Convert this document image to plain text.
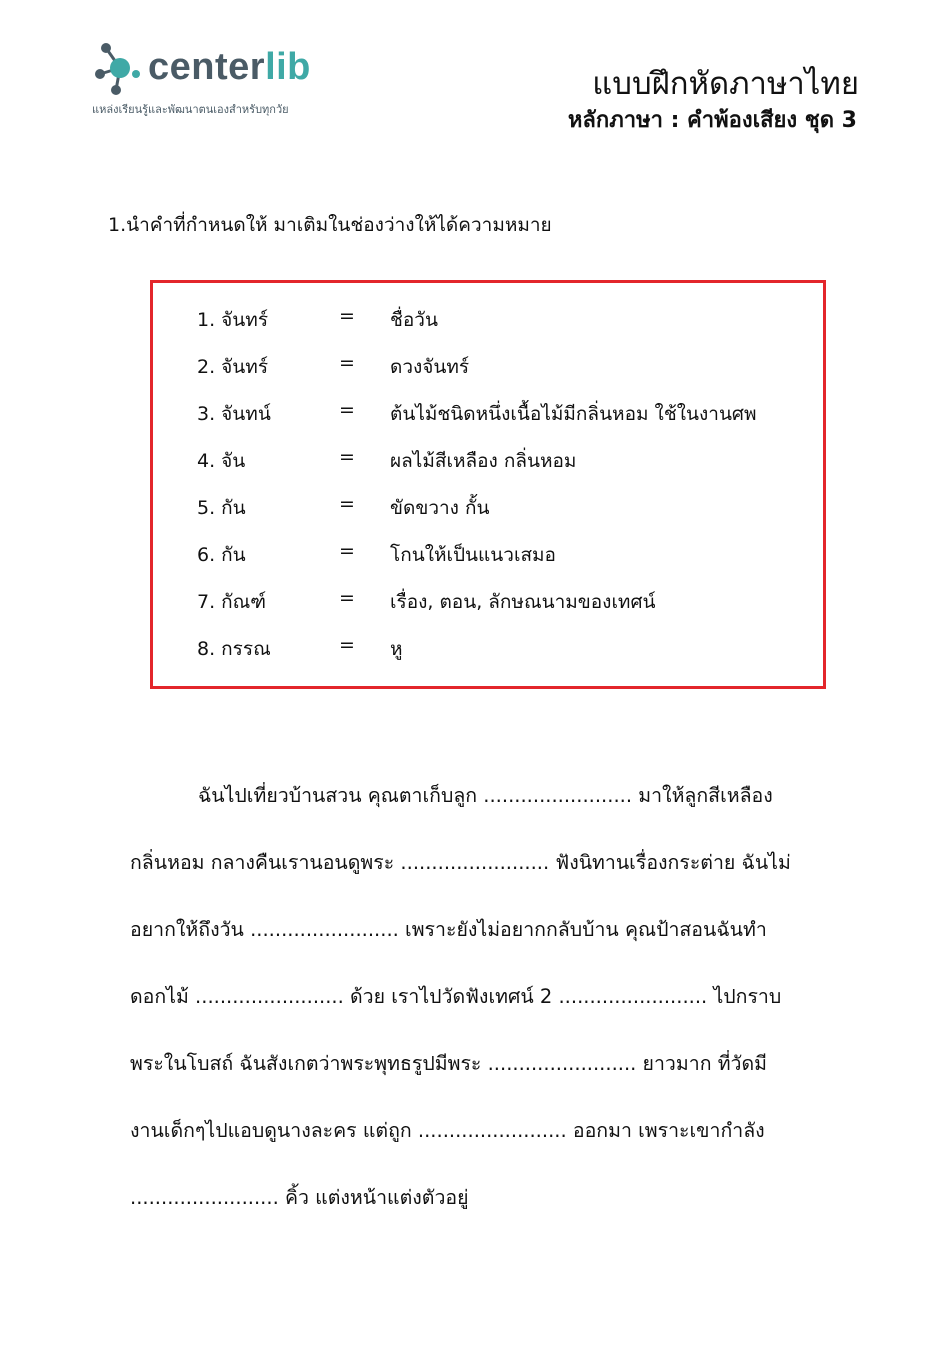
centerlib
แหล่งเรียนรู้และพัฒนาตนเองสำหรับทุกวัย
แบบฝึกหัดภาษาไทย
หลักภาษา : คำพ้องเสียง ชุด 3
1.นำคำที่กำหนดให้ มาเติมในช่องว่างให้ได้ความหมาย
1. จันทร์	= ชื่อวัน
2. จันทร์	= ดวงจันทร์
3. จันทน์	= ต้นไม้ชนิดหนึ่งเนื้อไม้มีกลิ่นหอม ใช้ในงานศพ
4. จัน	= ผลไม้สีเหลือง กลิ่นหอม
5. กัน	= ขัดขวาง กั้น
6. กัน	= โกนให้เป็นแนวเสมอ
7. กัณฑ์	= เรื่อง, ตอน, ลักษณนามของเทศน์
8. กรรณ	= หู
ฉันไปเที่ยวบ้านสวน คุณตาเก็บลูก ........................ มาให้ลูกสีเหลือง
กลิ่นหอม กลางคืนเรานอนดูพระ ........................ ฟังนิทานเรื่องกระต่าย ฉันไม่
อยากให้ถึงวัน ........................ เพราะยังไม่อยากกลับบ้าน คุณป้าสอนฉันทำ
ดอกไม้ ........................ ด้วย เราไปวัดฟังเทศน์ 2 ........................ ไปกราบ
พระในโบสถ์ ฉันสังเกตว่าพระพุทธรูปมีพระ ........................ ยาวมาก ที่วัดมี
งานเด็กๆไปแอบดูนางละคร แต่ถูก ........................ ออกมา เพราะเขากำลัง
........................ คิ้ว แต่งหน้าแต่งตัวอยู่
